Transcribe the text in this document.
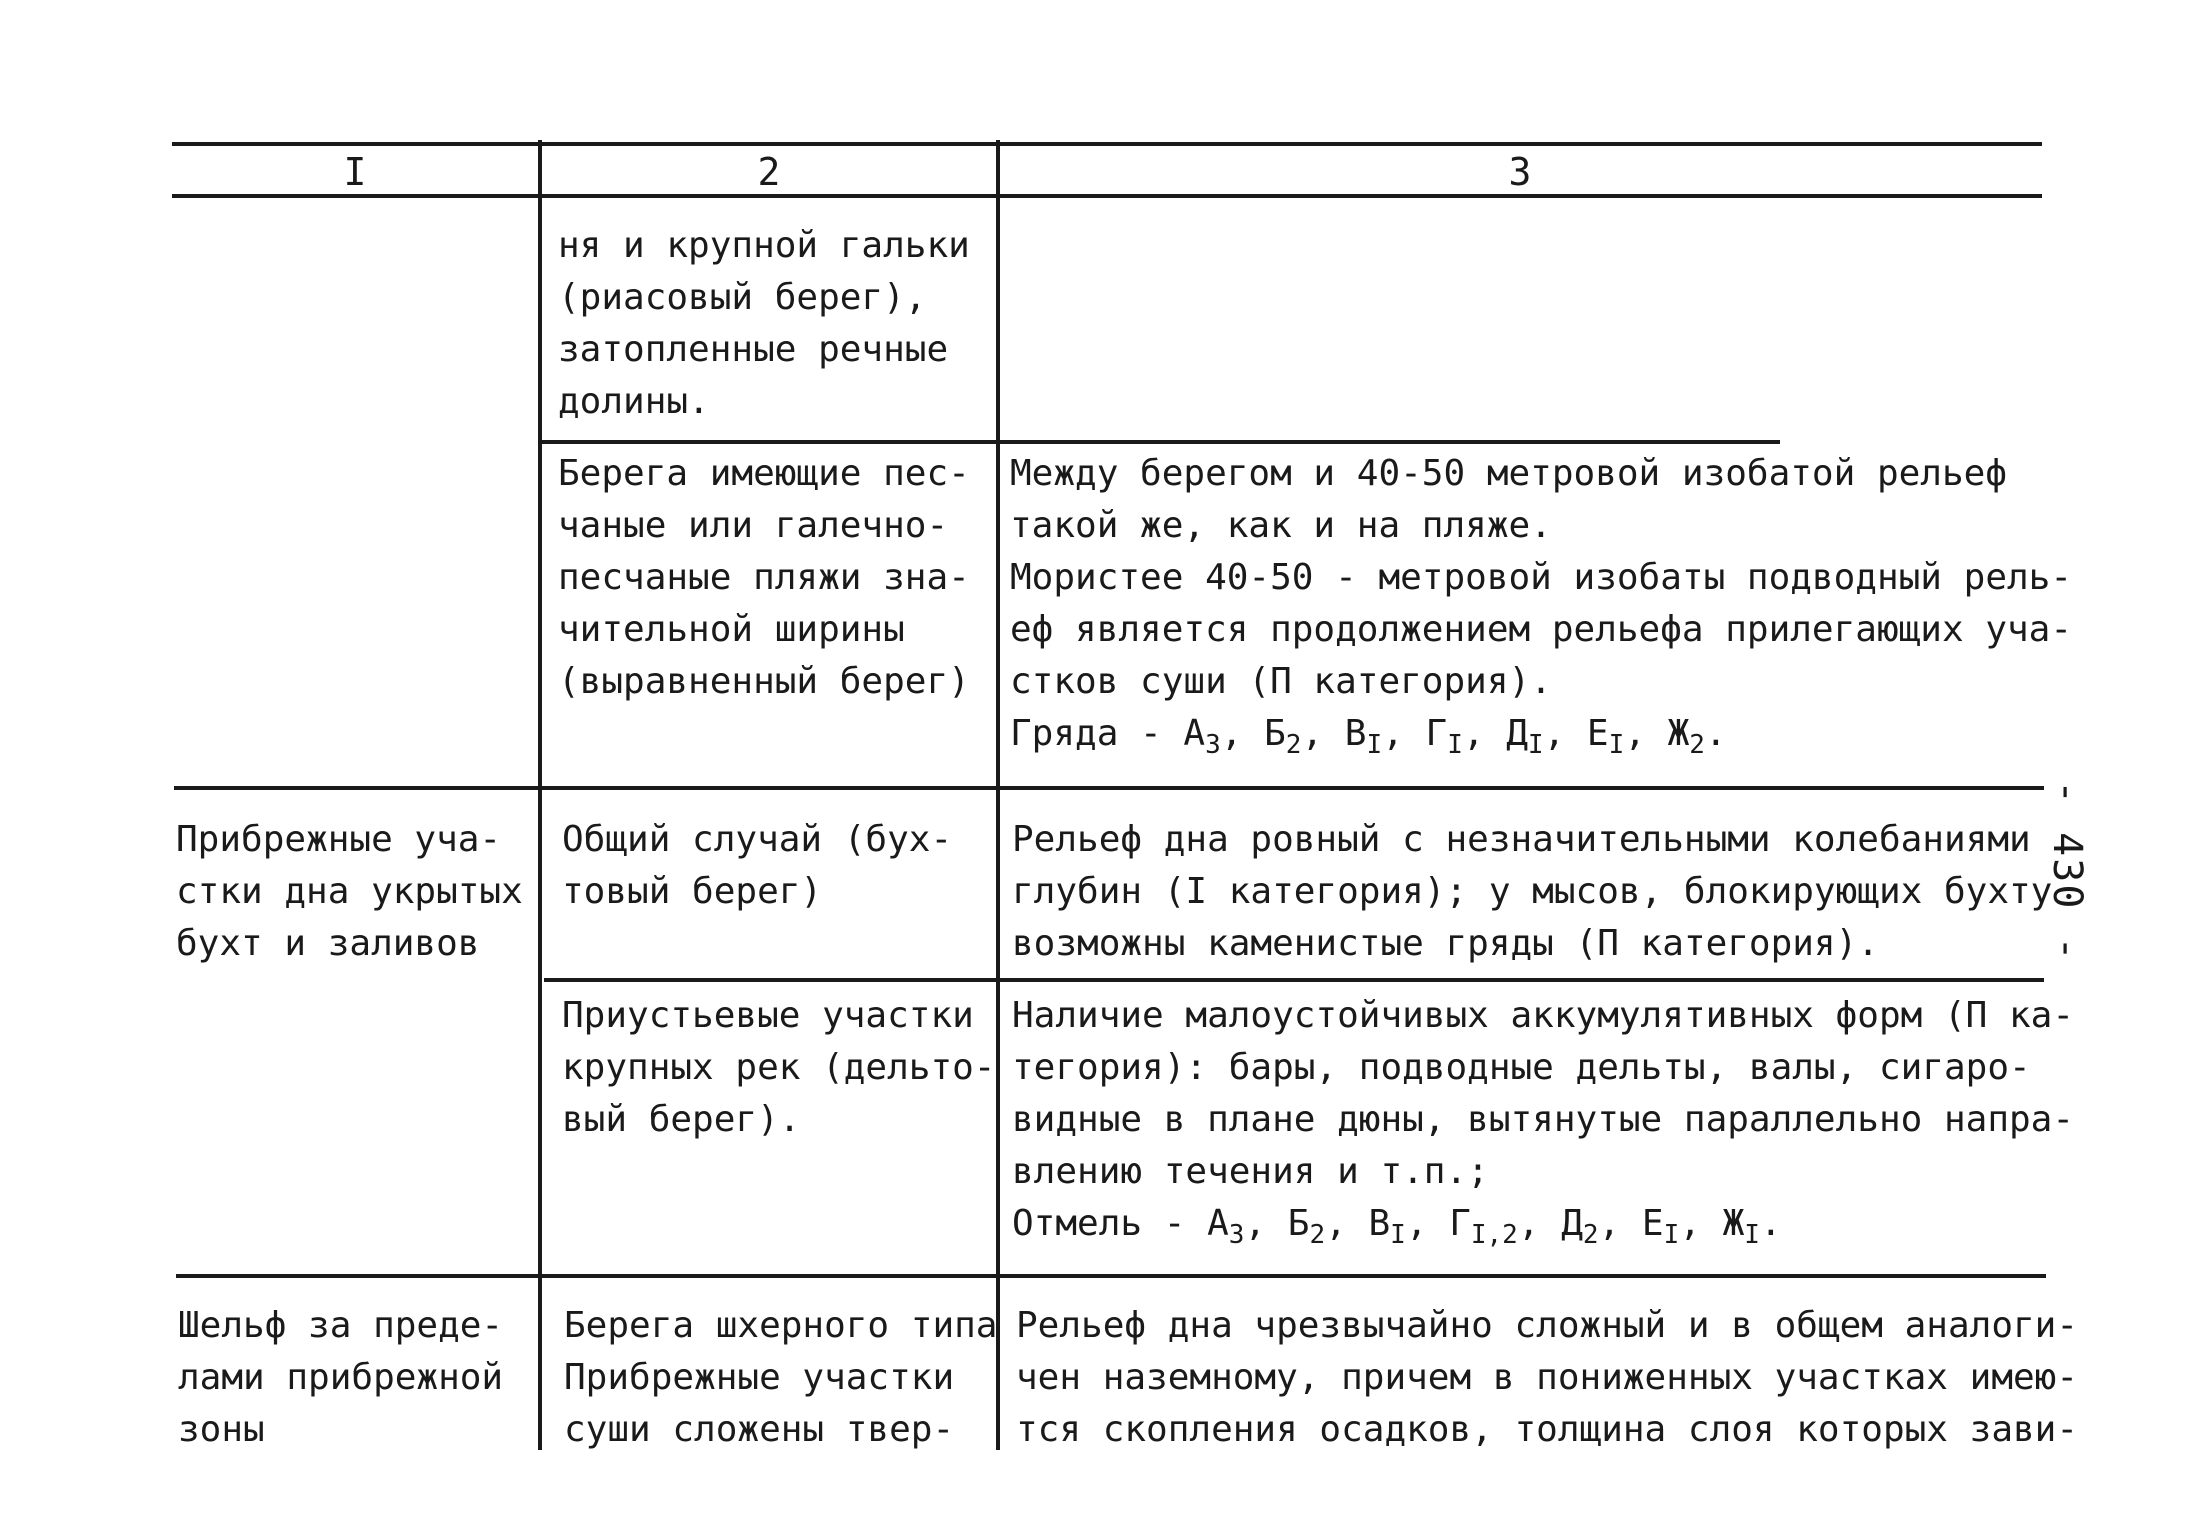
I	2	3
ня и крупной гальки
(риасовый берег),
затопленные речные
долины.
Берега имеющие пес-
чаные или галечно-
песчаные пляжи зна-
чительной ширины
(выравненный берег)
Между берегом и 40-50 метровой изобатой рельеф
такой же, как и на пляже.
Мористее 40-50 - метровой изобаты подводный рель-
еф является продолжением рельефа прилегающих уча-
стков суши (П категория).
Гряда - $А_3$, $Б_2$, $В_I$, $Г_I$, $Д_I$, $Е_I$, $Ж_2$.
Прибрежные уча-
стки дна укрытых
бухт и заливов
Общий случай (бух-
товый берег)
Рельеф дна ровный с незначительными колебаниями
глубин (I категория); у мысов, блокирующих бухту
возможны каменистые гряды (П категория).
Приустьевые участки
крупных рек (дельто-
вый берег).
Наличие малоустойчивых аккумулятивных форм (П ка-
тегория): бары, подводные дельты, валы, сигаро-
видные в плане дюны, вытянутые параллельно напра-
влению течения и т.п.;
Отмель - $А_3$, $Б_2$, $В_I$, $Г_{I,2}$, $Д_2$, $Е_I$, $Ж_I$.
Шельф за преде-
лами прибрежной
зоны
Берега шхерного типа
Прибрежные участки
суши сложены твер-
Рельеф дна чрезвычайно сложный и в общем аналоги-
чен наземному, причем в пониженных участках имею-
тся скопления осадков, толщина слоя которых зави-
- 430 -
